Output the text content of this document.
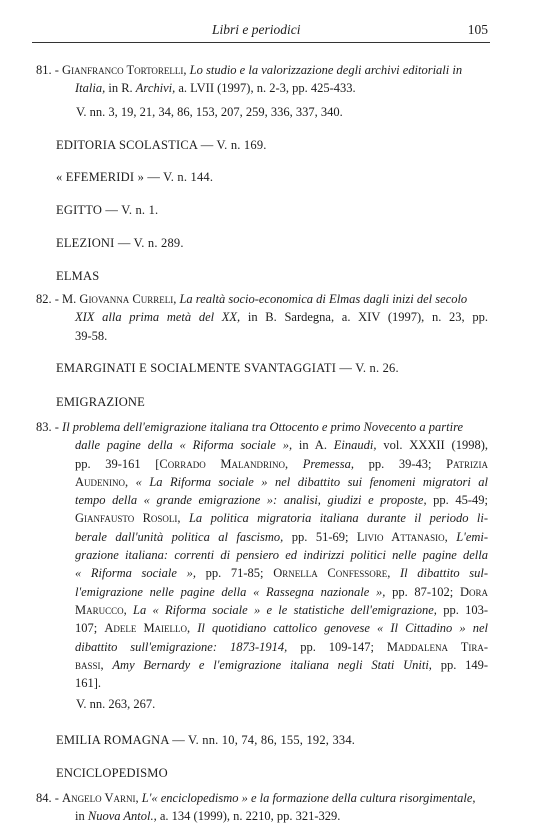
Libri e periodici	105
81. - Gianfranco Tortorelli, Lo studio e la valorizzazione degli archivi editoriali in
Italia, in R. Archivi, a. LVII (1997), n. 2-3, pp. 425-433.
V. nn. 3, 19, 21, 34, 86, 153, 207, 259, 336, 337, 340.
EDITORIA SCOLASTICA — V. n. 169.
« EFEMERIDI » — V. n. 144.
EGITTO — V. n. 1.
ELEZIONI — V. n. 289.
ELMAS
82. - M. Giovanna Curreli, La realtà socio-economica di Elmas dagli inizi del secolo
XIX alla prima metà del XX, in B. Sardegna, a. XIV (1997), n. 23, pp.
39-58.
EMARGINATI E SOCIALMENTE SVANTAGGIATI — V. n. 26.
EMIGRAZIONE
83. - Il problema dell'emigrazione italiana tra Ottocento e primo Novecento a partire
dalle pagine della « Riforma sociale », in A. Einaudi, vol. XXXII (1998),
pp. 39-161 [Corrado Malandrino, Premessa, pp. 39-43; Patrizia
Audenino, « La Riforma sociale » nel dibattito sui fenomeni migratori al
tempo della « grande emigrazione »: analisi, giudizi e proposte, pp. 45-49;
Gianfausto Rosoli, La politica migratoria italiana durante il periodo li-
berale dall'unità politica al fascismo, pp. 51-69; Livio Attanasio, L'emi-
grazione italiana: correnti di pensiero ed indirizzi politici nelle pagine della
« Riforma sociale », pp. 71-85; Ornella Confessore, Il dibattito sul-
l'emigrazione nelle pagine della « Rassegna nazionale », pp. 87-102; Dora
Marucco, La « Riforma sociale » e le statistiche dell'emigrazione, pp. 103-
107; Adele Maiello, Il quotidiano cattolico genovese « Il Cittadino » nel
dibattito sull'emigrazione: 1873-1914, pp. 109-147; Maddalena Tira-
bassi, Amy Bernardy e l'emigrazione italiana negli Stati Uniti, pp. 149-
161].
V. nn. 263, 267.
EMILIA ROMAGNA — V. nn. 10, 74, 86, 155, 192, 334.
ENCICLOPEDISMO
84. - Angelo Varni, L'« enciclopedismo » e la formazione della cultura risorgimentale,
in Nuova Antol., a. 134 (1999), n. 2210, pp. 321-329.
